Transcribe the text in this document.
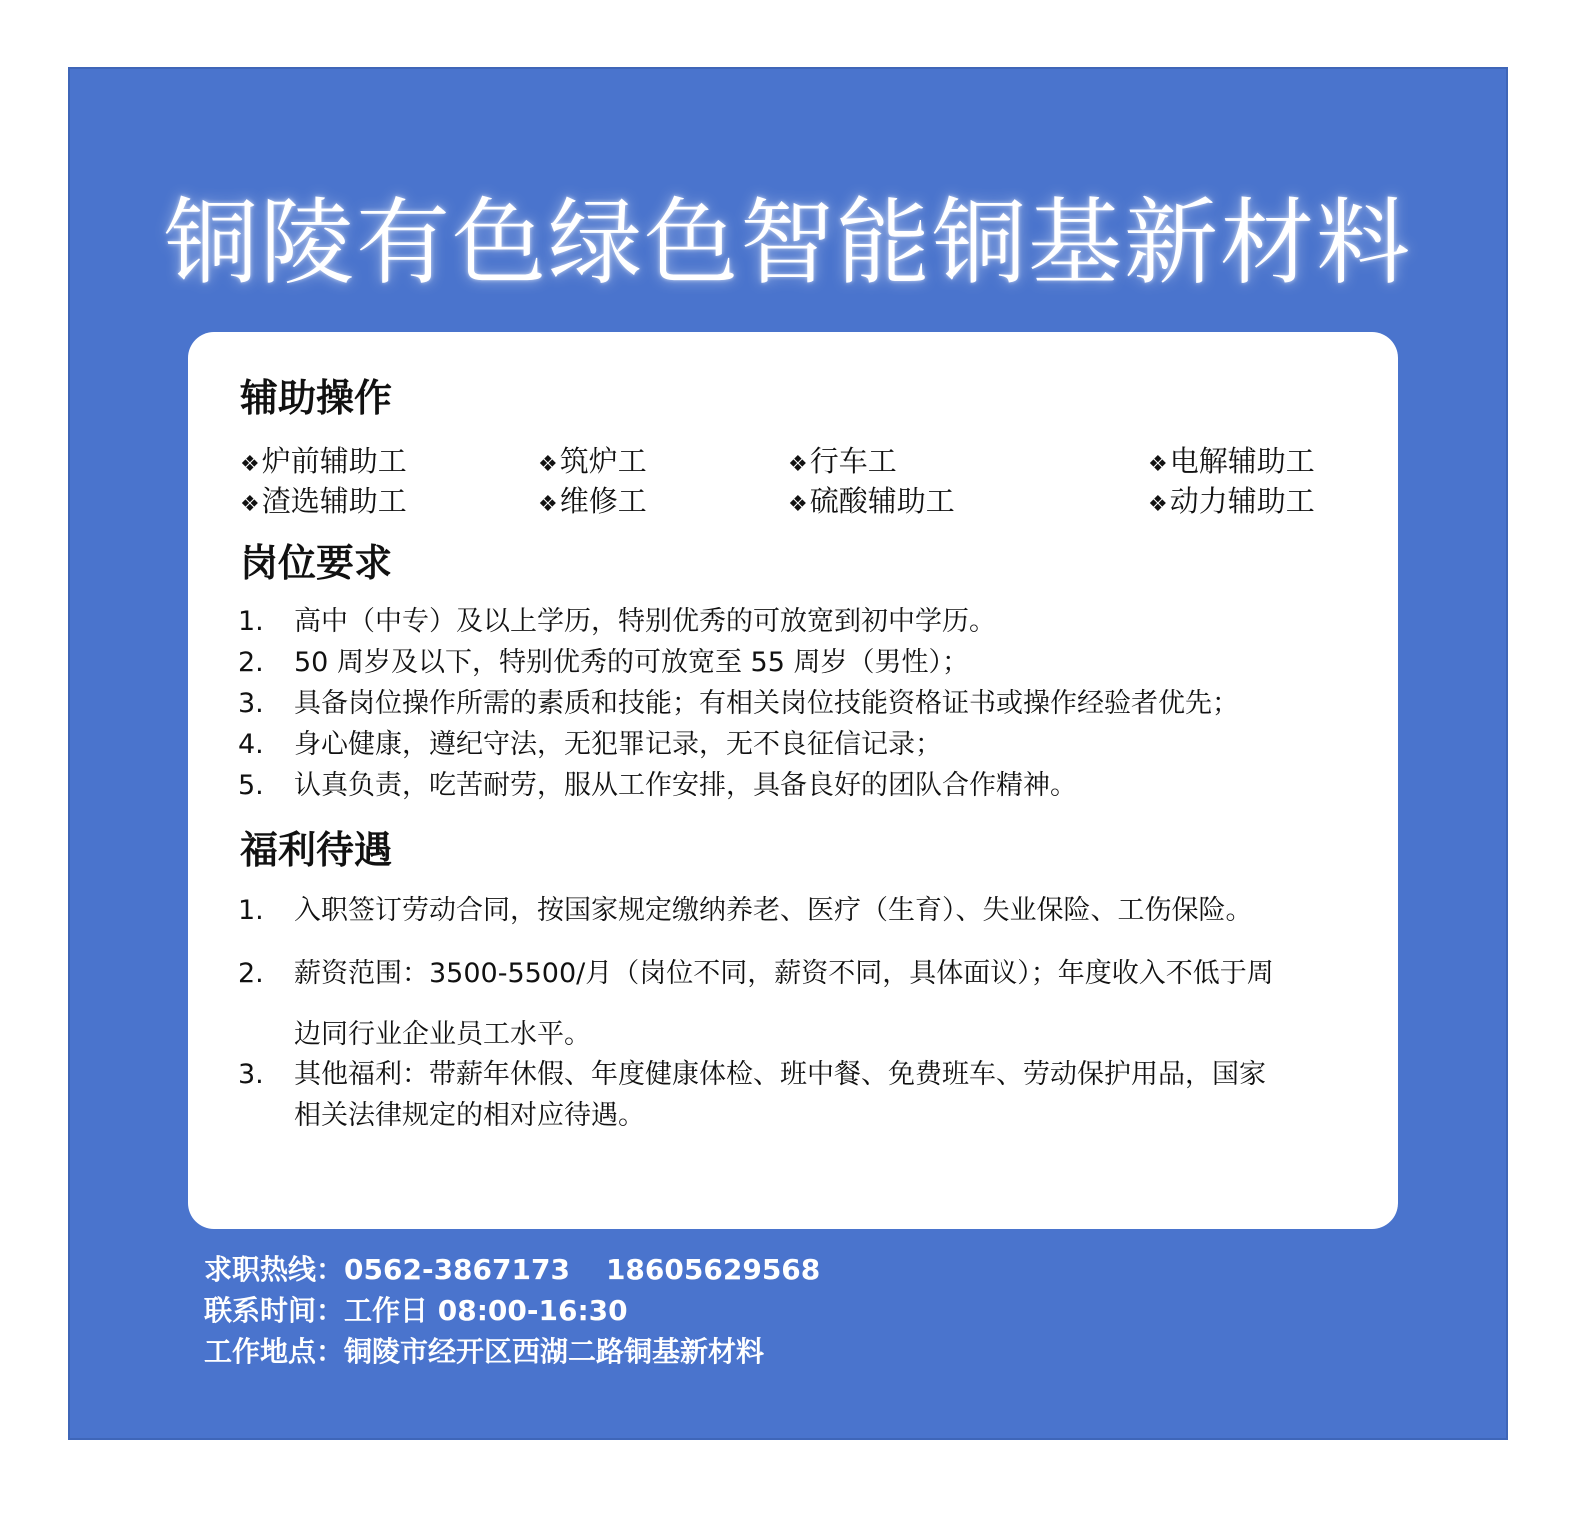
铜陵有色绿色智能铜基新材料
辅助操作
❖炉前辅助工	❖筑炉工	❖行车工	❖电解辅助工
❖渣选辅助工	❖维修工	❖硫酸辅助工	❖动力辅助工
岗位要求
1.	高中（中专）及以上学历，特别优秀的可放宽到初中学历。
2.	50 周岁及以下，特别优秀的可放宽至 55 周岁（男性）；
3.	具备岗位操作所需的素质和技能；有相关岗位技能资格证书或操作经验者优先；
4.	身心健康，遵纪守法，无犯罪记录，无不良征信记录；
5.	认真负责，吃苦耐劳，服从工作安排，具备良好的团队合作精神。
福利待遇
1.	入职签订劳动合同，按国家规定缴纳养老、医疗（生育）、失业保险、工伤保险。
2.	薪资范围：3500-5500/月（岗位不同，薪资不同，具体面议）；年度收入不低于周
边同行业企业员工水平。
3.	其他福利：带薪年休假、年度健康体检、班中餐、免费班车、劳动保护用品，国家
相关法律规定的相对应待遇。
求职热线：0562-3867173 18605629568
联系时间：工作日 08:00-16:30
工作地点：铜陵市经开区西湖二路铜基新材料
